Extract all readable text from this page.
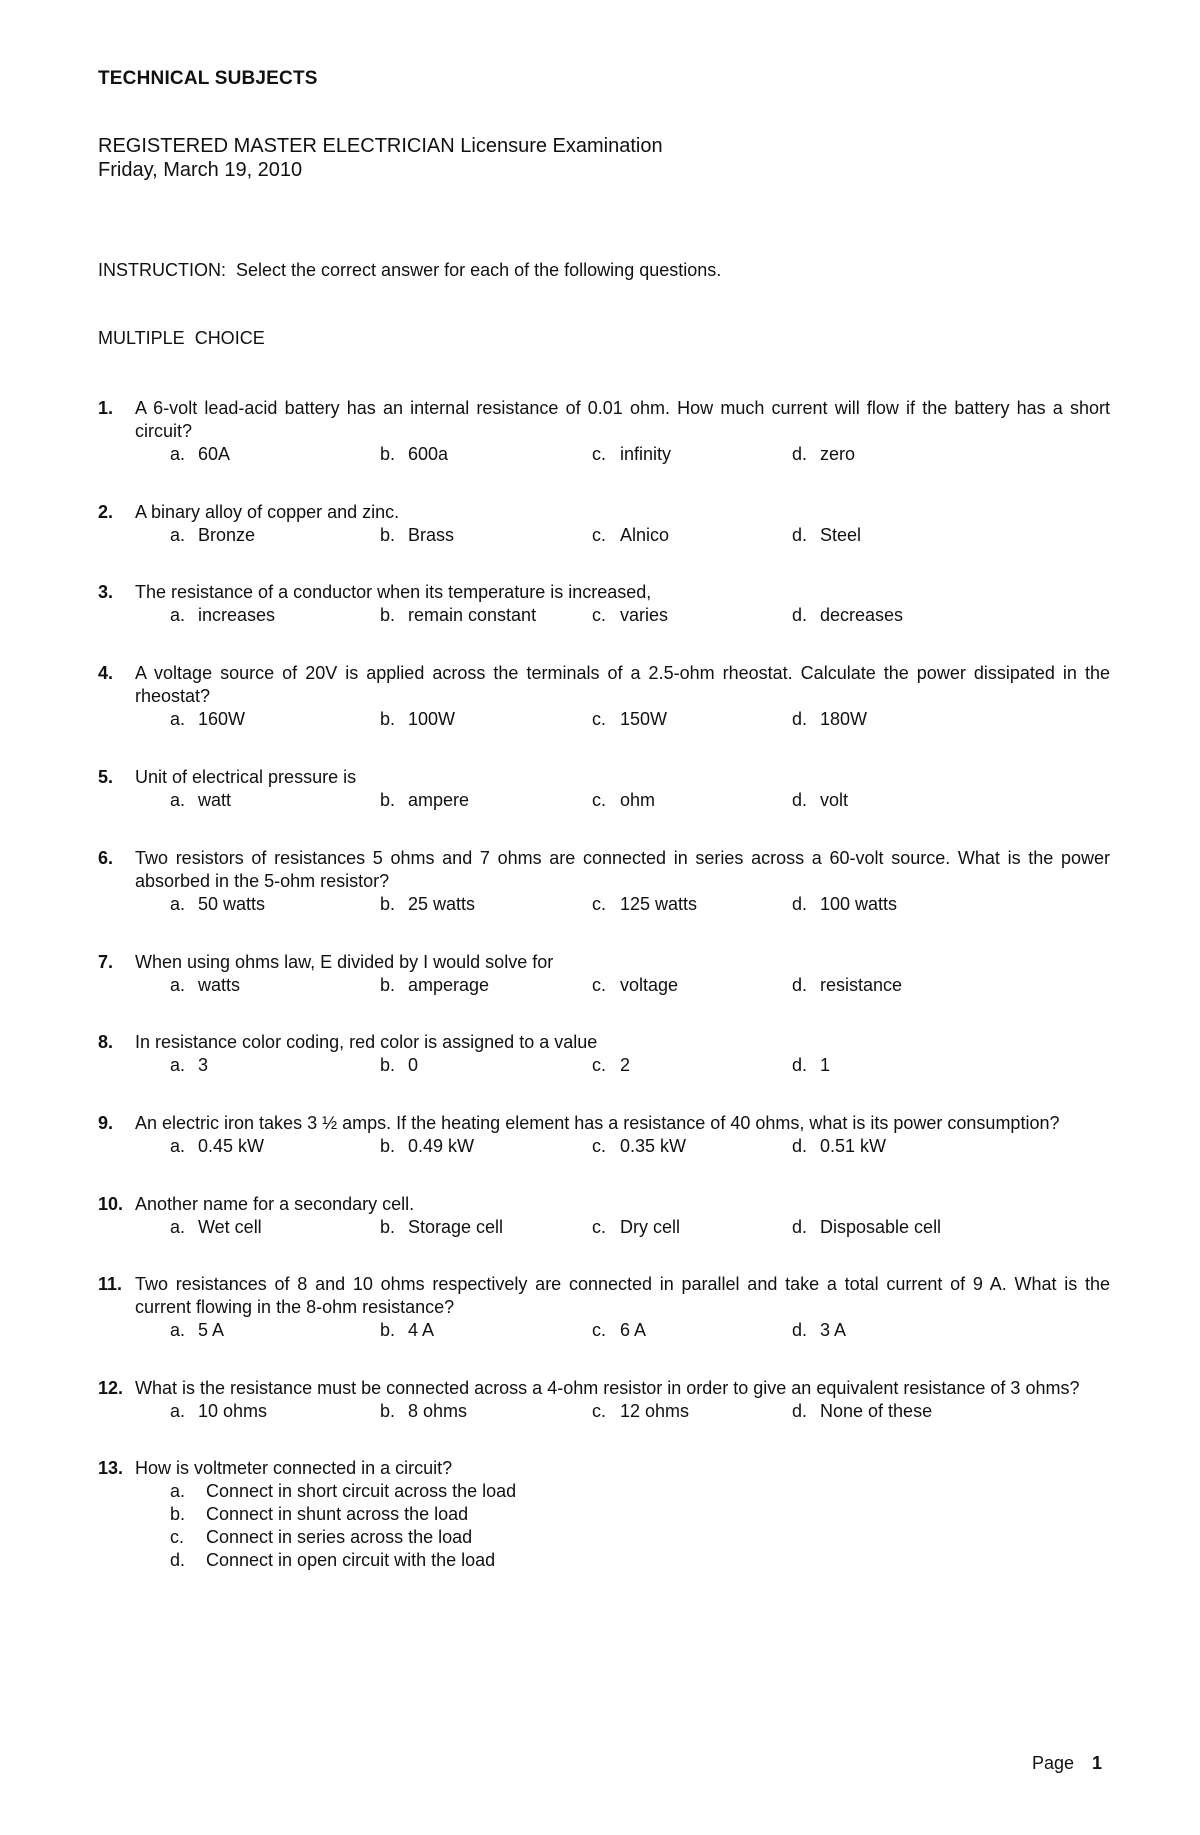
TECHNICAL SUBJECTS
REGISTERED MASTER ELECTRICIAN Licensure Examination
Friday, March 19, 2010
INSTRUCTION:  Select the correct answer for each of the following questions.
MULTIPLE  CHOICE
1.	A 6-volt lead-acid battery has an internal resistance of 0.01 ohm. How much current will flow if the battery has a short circuit?
a. 60A	b. 600a	c. infinity	d. zero
2.	A binary alloy of copper and zinc.
a. Bronze	b. Brass	c. Alnico	d. Steel
3.	The resistance of a conductor when its temperature is increased,
a. increases	b. remain constant	c. varies	d. decreases
4.	A voltage source of 20V is applied across the terminals of a 2.5-ohm rheostat. Calculate the power dissipated in the rheostat?
a. 160W	b. 100W	c. 150W	d. 180W
5.	Unit of electrical pressure is
a. watt	b. ampere	c. ohm	d. volt
6.	Two resistors of resistances 5 ohms and 7 ohms are connected in series across a 60-volt source. What is the power absorbed in the 5-ohm resistor?
a. 50 watts	b. 25 watts	c. 125 watts	d. 100 watts
7.	When using ohms law, E divided by I would solve for
a. watts	b. amperage	c. voltage	d. resistance
8.	In resistance color coding, red color is assigned to a value
a. 3	b. 0	c. 2	d. 1
9.	An electric iron takes 3 ½ amps. If the heating element has a resistance of 40 ohms, what is its power consumption?
a. 0.45 kW	b. 0.49 kW	c. 0.35 kW	d. 0.51 kW
10. Another name for a secondary cell.
a. Wet cell	b. Storage cell	c. Dry cell	d. Disposable cell
11. Two resistances of 8 and 10 ohms respectively are connected in parallel and take a total current of 9 A. What is the current flowing in the 8-ohm resistance?
a. 5 A	b. 4 A	c. 6 A	d. 3 A
12. What is the resistance must be connected across a 4-ohm resistor in order to give an equivalent resistance of 3 ohms?
a. 10 ohms	b. 8 ohms	c. 12 ohms	d. None of these
13. How is voltmeter connected in a circuit?
a.	Connect in short circuit across the load
b.	Connect in shunt across the load
c.	Connect in series across the load
d.	Connect in open circuit with the load
Page 1
